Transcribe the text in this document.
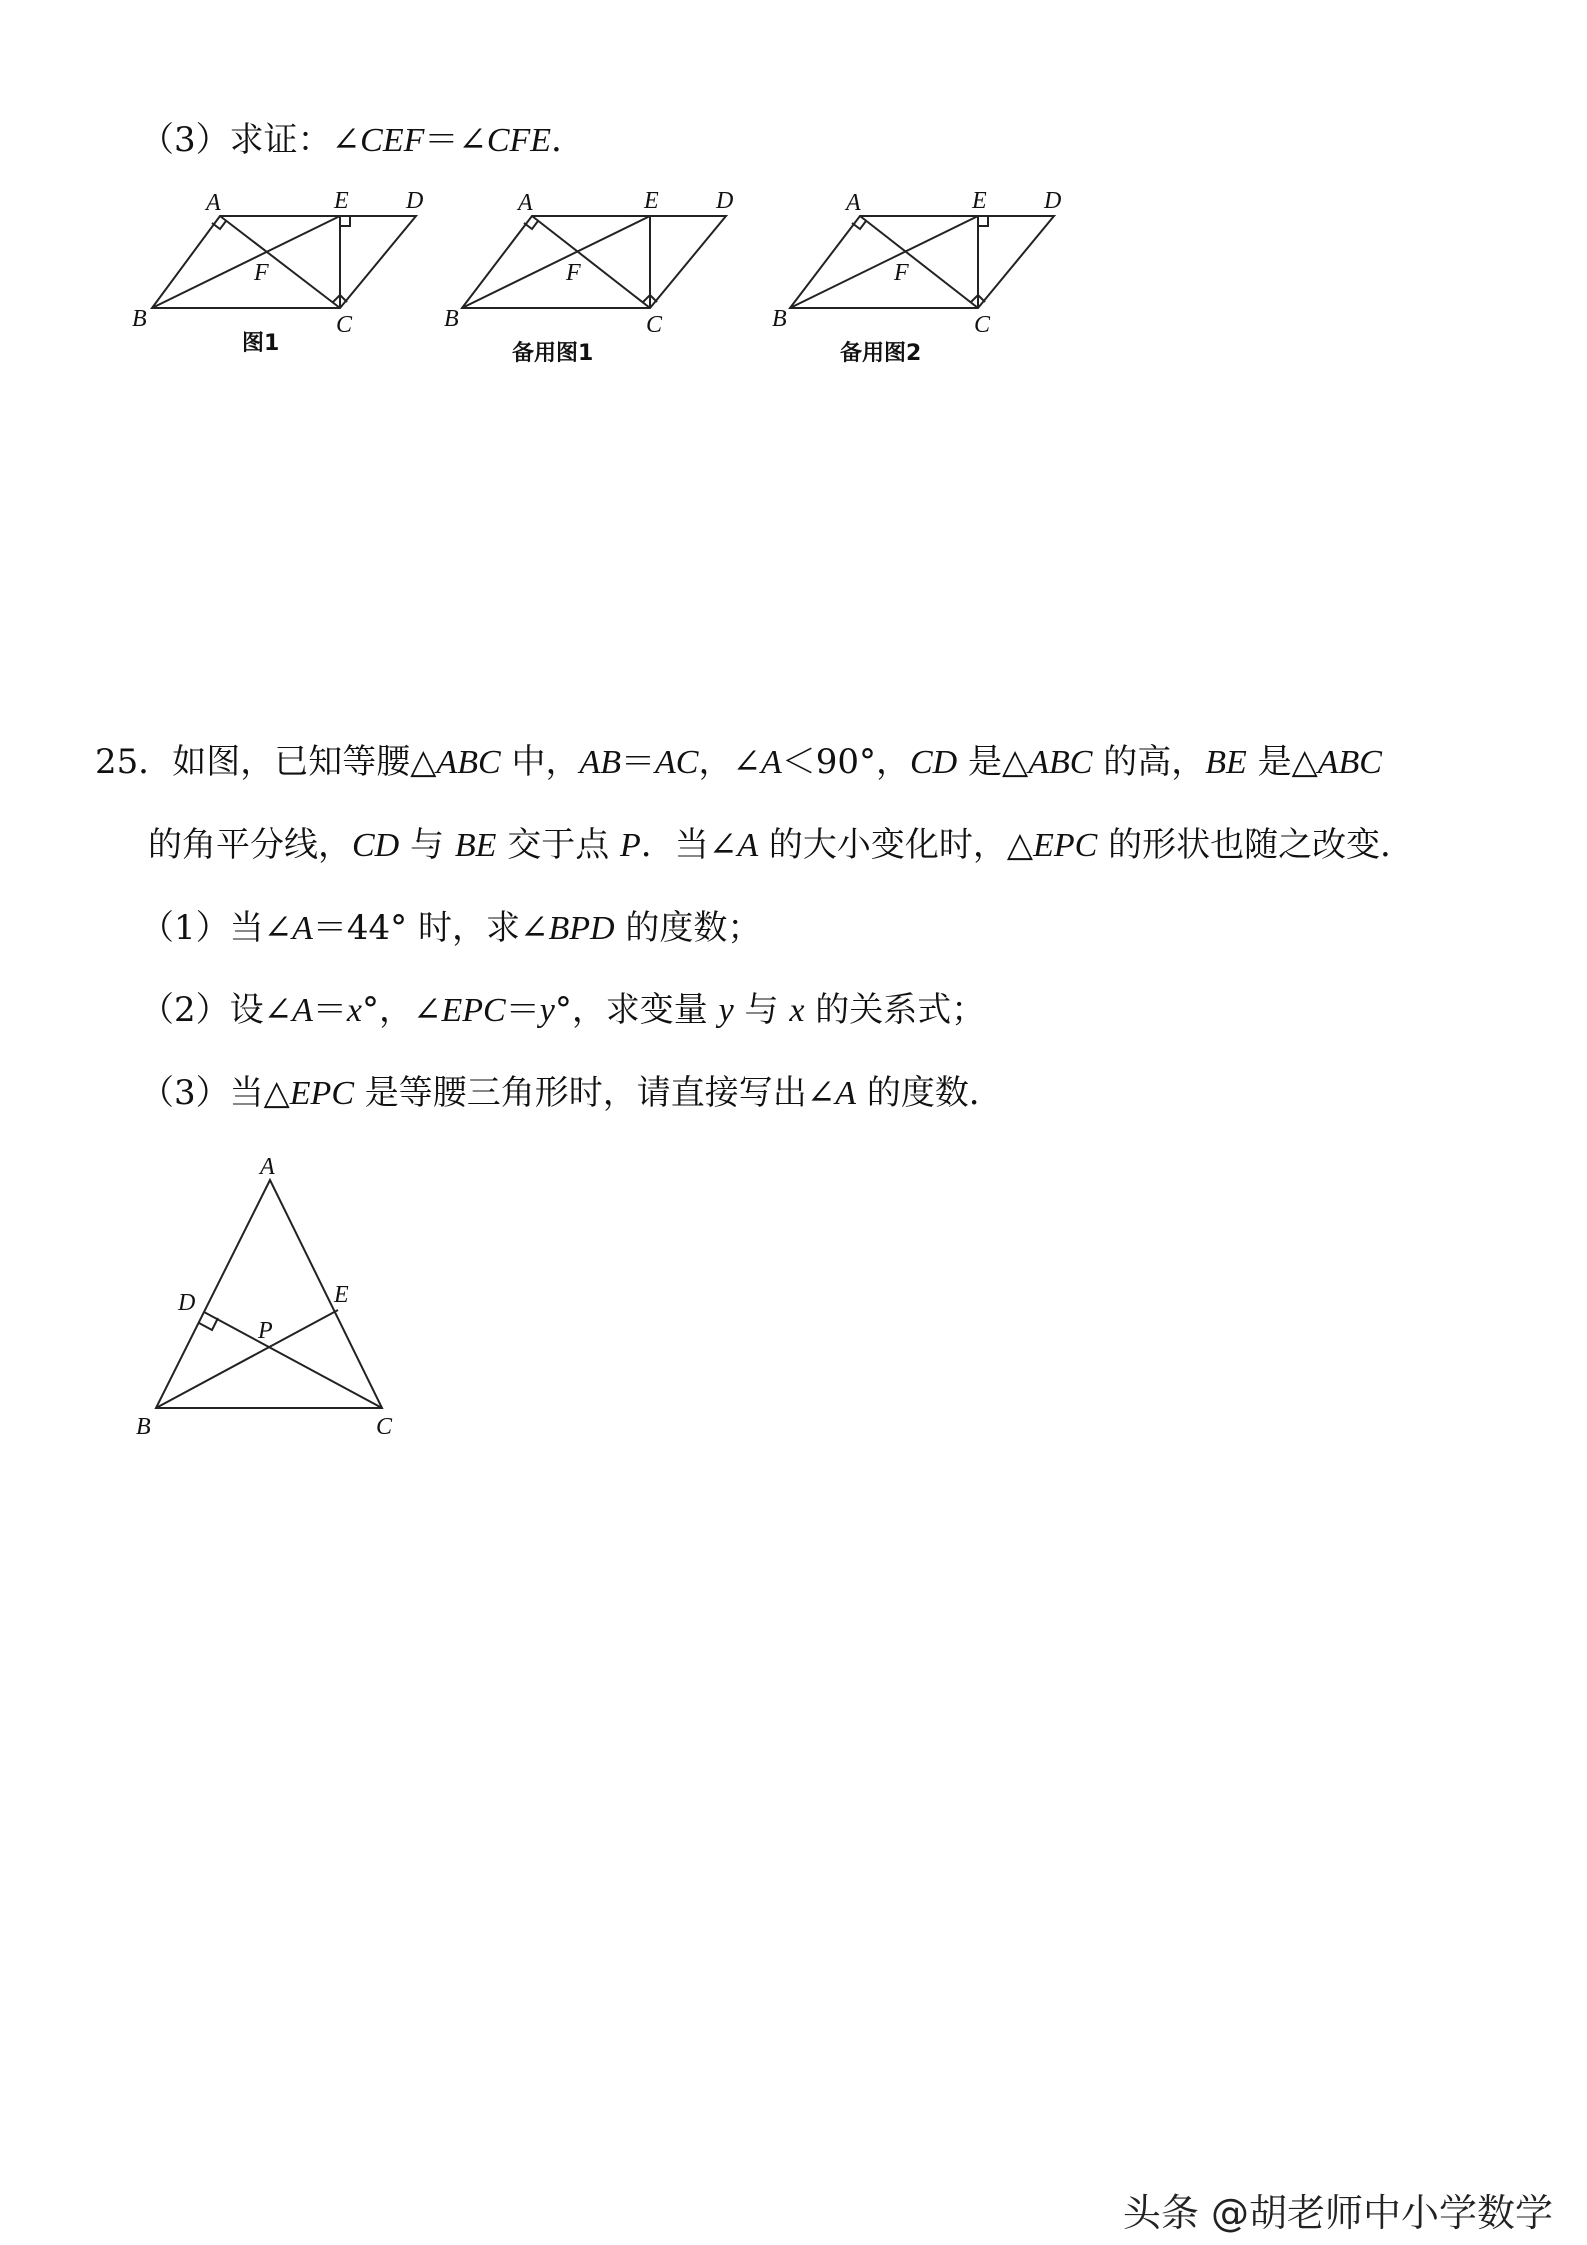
（3）求证：∠CEF＝∠CFE．
A	E D
F
B	C
图1
A	E D
F
B	C
备用图1
A	E D
F
B	C
备用图2
25．如图，已知等腰△ABC 中，AB＝AC，∠A＜90°，CD 是△ABC 的高，BE 是△ABC
的角平分线，CD 与 BE 交于点 P．当∠A 的大小变化时，△EPC 的形状也随之改变．
（1）当∠A＝44° 时，求∠BPD 的度数；
（2）设∠A＝x°，∠EPC＝y°，求变量 y 与 x 的关系式；
（3）当△EPC 是等腰三角形时，请直接写出∠A 的度数．
A
D	E
P
B	C
头条 @胡老师中小学数学
